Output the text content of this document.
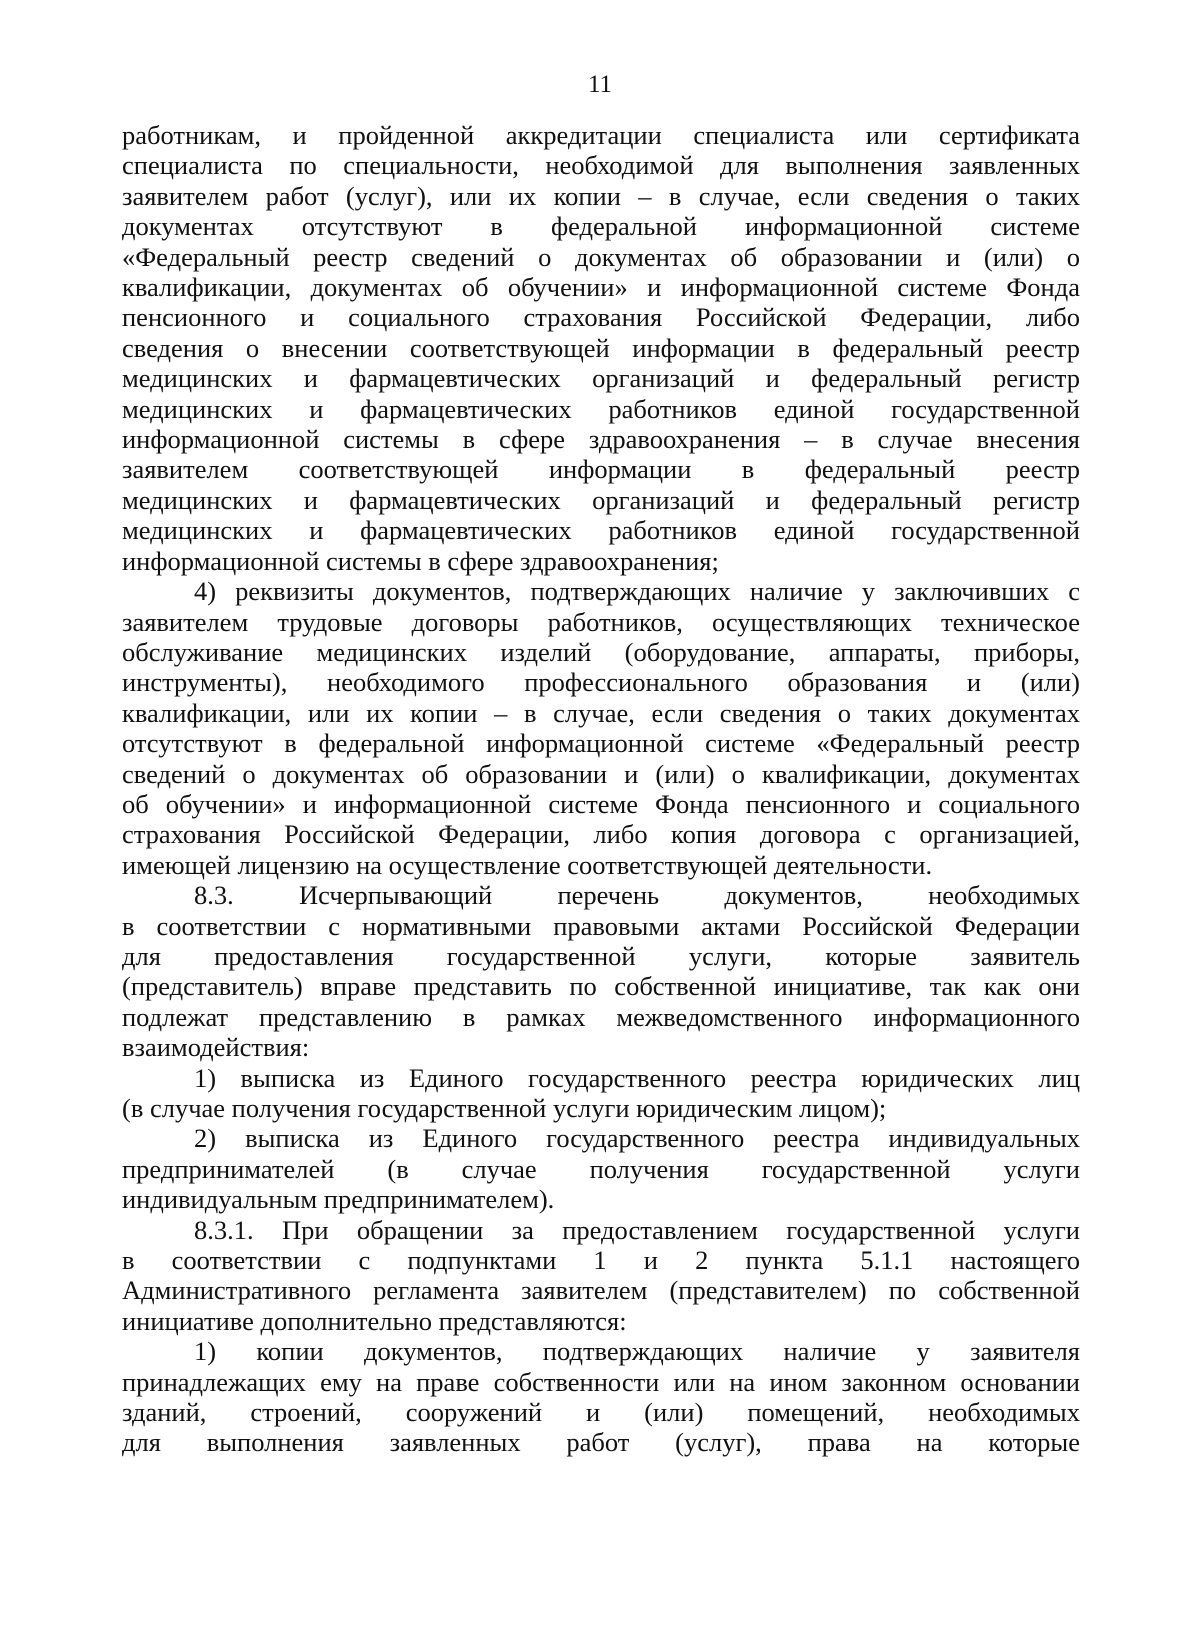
11

работникам, и пройденной аккредитации специалиста или сертификата
специалиста по специальности, необходимой для выполнения заявленных
заявителем работ (услуг), или их копии – в случае, если сведения о таких
документах отсутствуют в федеральной информационной системе
«Федеральный реестр сведений о документах об образовании и (или) о
квалификации, документах об обучении» и информационной системе Фонда
пенсионного и социального страхования Российской Федерации, либо
сведения о внесении соответствующей информации в федеральный реестр
медицинских и фармацевтических организаций и федеральный регистр
медицинских и фармацевтических работников единой государственной
информационной системы в сфере здравоохранения – в случае внесения
заявителем соответствующей информации в федеральный реестр
медицинских и фармацевтических организаций и федеральный регистр
медицинских и фармацевтических работников единой государственной
информационной системы в сфере здравоохранения;

4) реквизиты документов, подтверждающих наличие у заключивших с
заявителем трудовые договоры работников, осуществляющих техническое
обслуживание медицинских изделий (оборудование, аппараты, приборы,
инструменты), необходимого профессионального образования и (или)
квалификации, или их копии – в случае, если сведения о таких документах
отсутствуют в федеральной информационной системе «Федеральный реестр
сведений о документах об образовании и (или) о квалификации, документах
об обучении» и информационной системе Фонда пенсионного и социального
страхования Российской Федерации, либо копия договора с организацией,
имеющей лицензию на осуществление соответствующей деятельности.

8.3. Исчерпывающий перечень документов, необходимых
в соответствии с нормативными правовыми актами Российской Федерации
для предоставления государственной услуги, которые заявитель
(представитель) вправе представить по собственной инициативе, так как они
подлежат представлению в рамках межведомственного информационного
взаимодействия:

1) выписка из Единого государственного реестра юридических лиц
(в случае получения государственной услуги юридическим лицом);

2) выписка из Единого государственного реестра индивидуальных
предпринимателей (в случае получения государственной услуги
индивидуальным предпринимателем).

8.3.1. При обращении за предоставлением государственной услуги
в соответствии с подпунктами 1 и 2 пункта 5.1.1 настоящего
Административного регламента заявителем (представителем) по собственной
инициативе дополнительно представляются:

1) копии документов, подтверждающих наличие у заявителя
принадлежащих ему на праве собственности или на ином законном основании
зданий, строений, сооружений и (или) помещений, необходимых
для выполнения заявленных работ (услуг), права на которые
